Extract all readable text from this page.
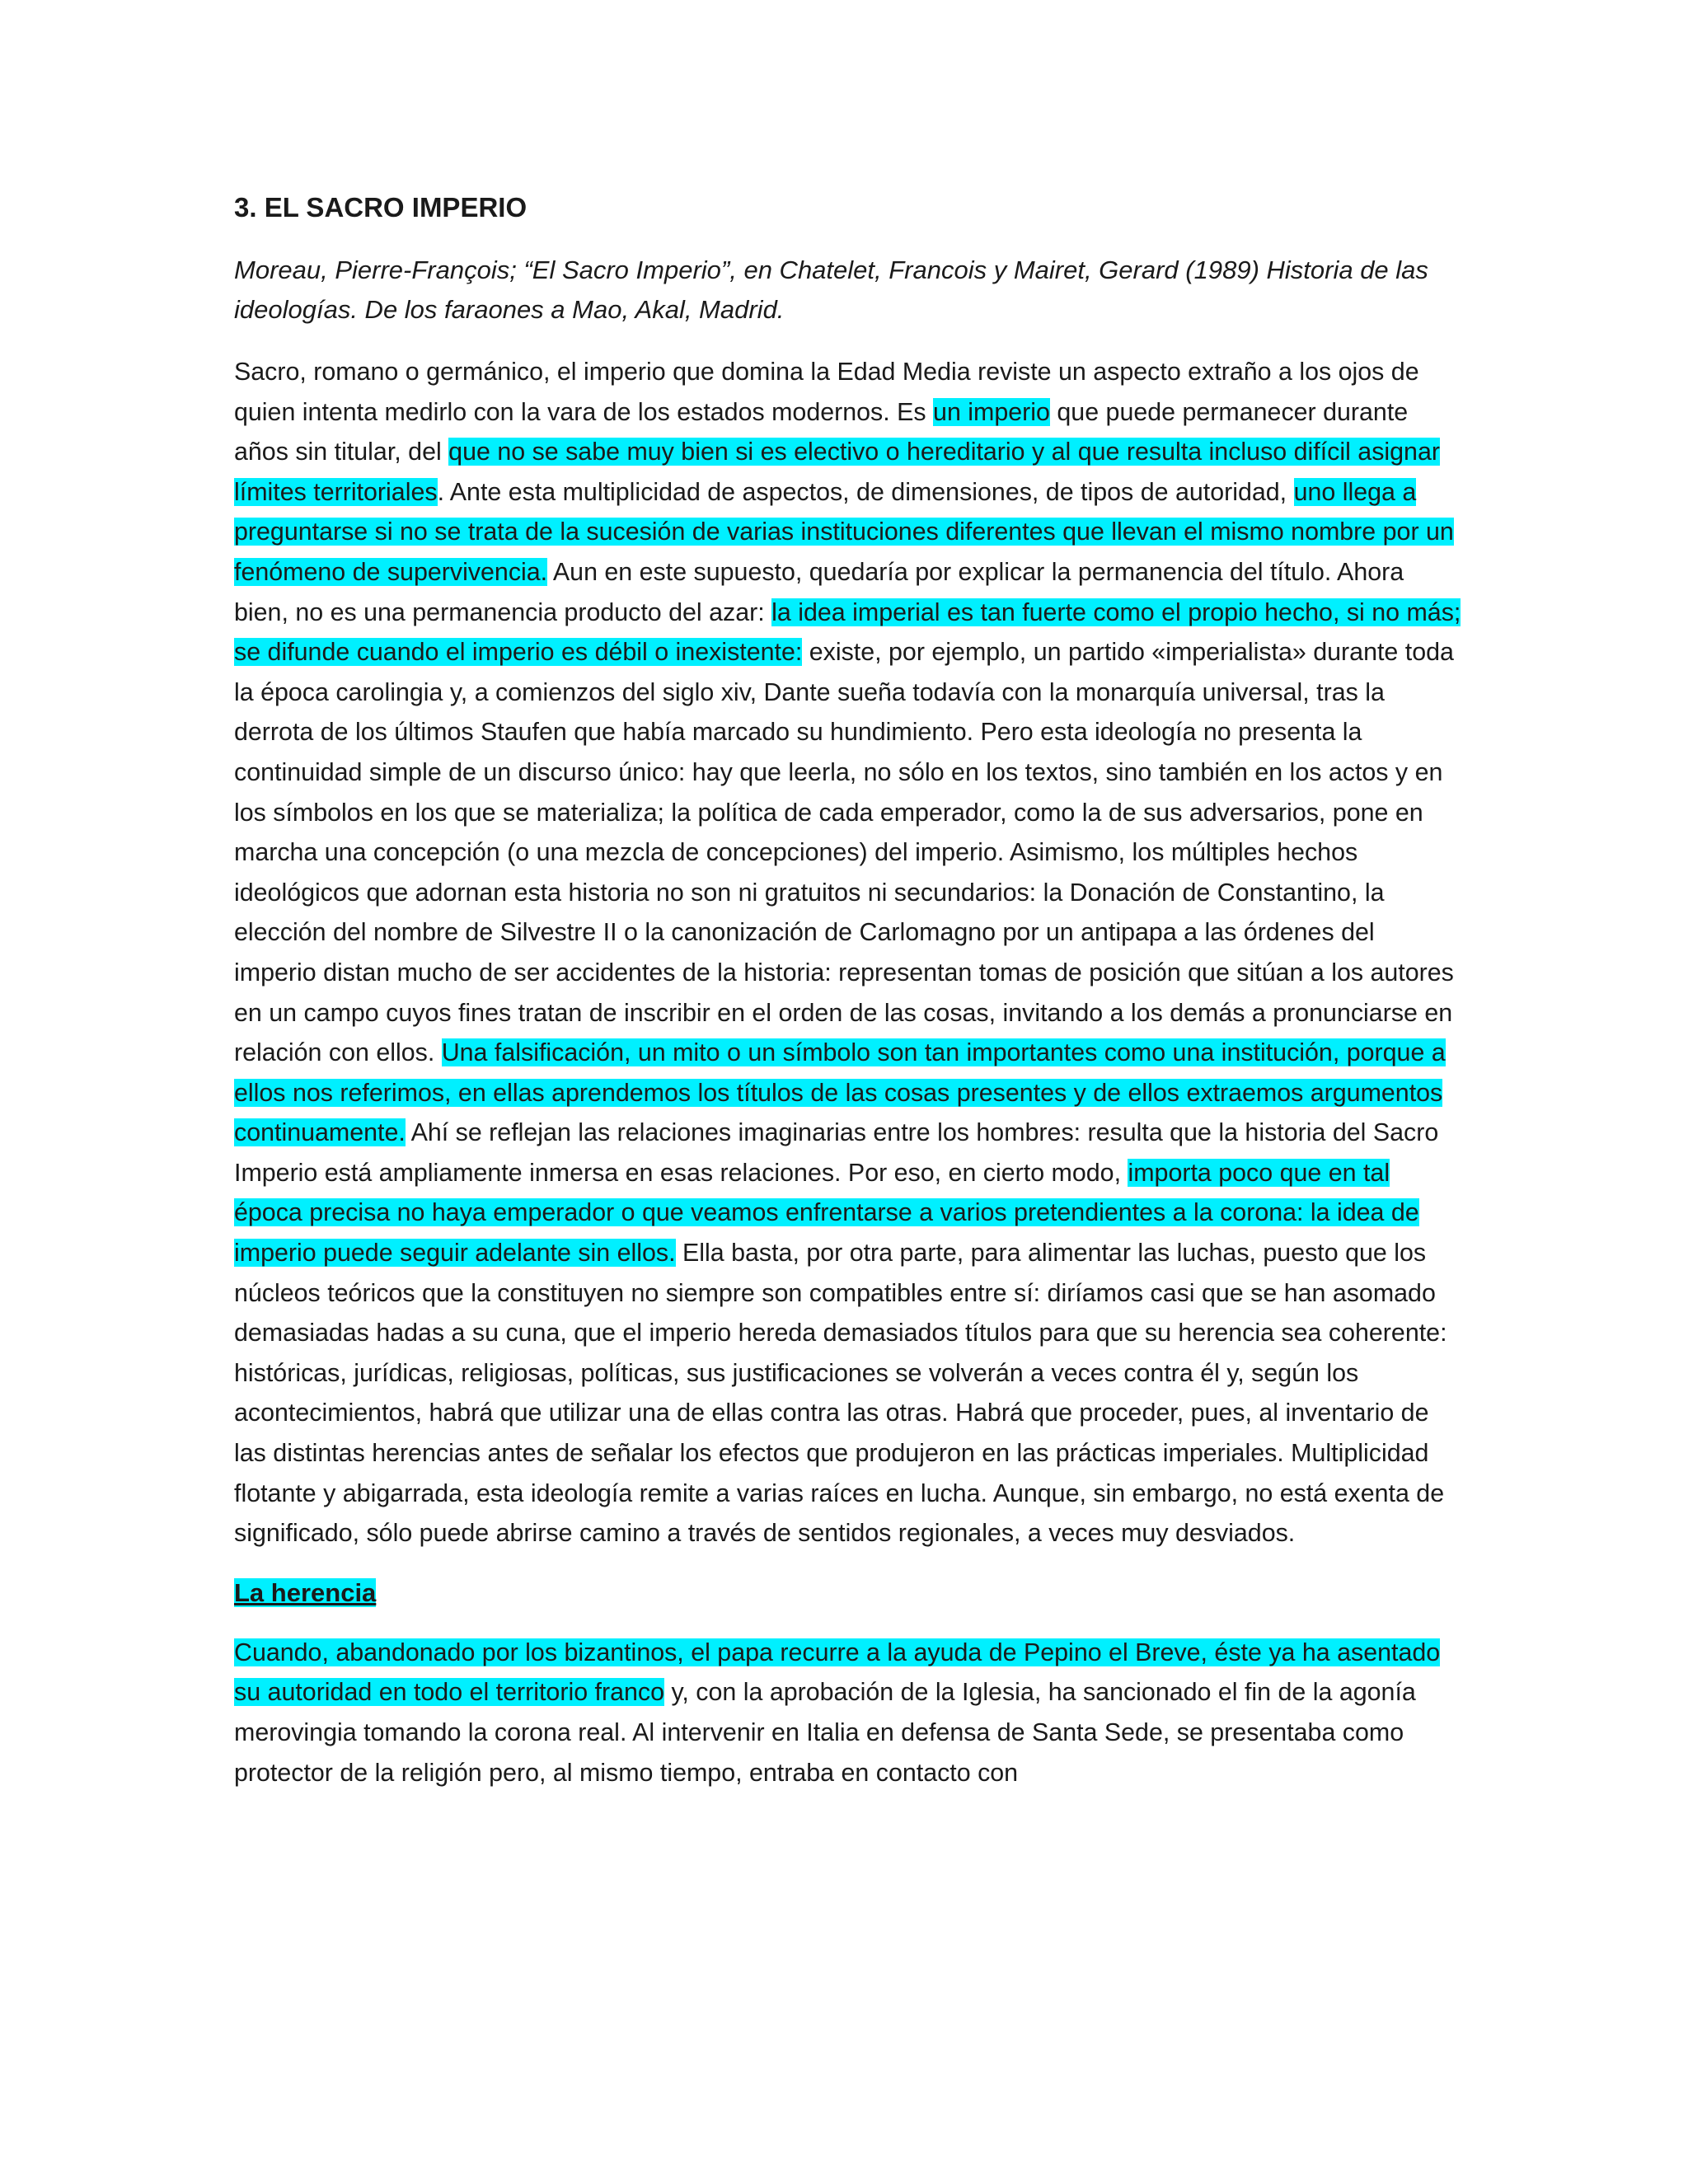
3. EL SACRO IMPERIO

Moreau, Pierre-François; “El Sacro Imperio”, en Chatelet, Francois y Mairet, Gerard (1989) Historia de las ideologías. De los faraones a Mao, Akal, Madrid.

Sacro, romano o germánico, el imperio que domina la Edad Media reviste un aspecto extraño a los ojos de quien intenta medirlo con la vara de los estados modernos. Es un imperio que puede permanecer durante años sin titular, del que no se sabe muy bien si es electivo o hereditario y al que resulta incluso difícil asignar límites territoriales. Ante esta multiplicidad de aspectos, de dimensiones, de tipos de autoridad, uno llega a preguntarse si no se trata de la sucesión de varias instituciones diferentes que llevan el mismo nombre por un fenómeno de supervivencia. Aun en este supuesto, quedaría por explicar la permanencia del título. Ahora bien, no es una permanencia producto del azar: la idea imperial es tan fuerte como el propio hecho, si no más; se difunde cuando el imperio es débil o inexistente: existe, por ejemplo, un partido «imperialista» durante toda la época carolingia y, a comienzos del siglo xiv, Dante sueña todavía con la monarquía universal, tras la derrota de los últimos Staufen que había marcado su hundimiento. Pero esta ideología no presenta la continuidad simple de un discurso único: hay que leerla, no sólo en los textos, sino también en los actos y en los símbolos en los que se materializa; la política de cada emperador, como la de sus adversarios, pone en marcha una concepción (o una mezcla de concepciones) del imperio. Asimismo, los múltiples hechos ideológicos que adornan esta historia no son ni gratuitos ni secundarios: la Donación de Constantino, la elección del nombre de Silvestre II o la canonización de Carlomagno por un antipapa a las órdenes del imperio distan mucho de ser accidentes de la historia: representan tomas de posición que sitúan a los autores en un campo cuyos fines tratan de inscribir en el orden de las cosas, invitando a los demás a pronunciarse en relación con ellos. Una falsificación, un mito o un símbolo son tan importantes como una institución, porque a ellos nos referimos, en ellas aprendemos los títulos de las cosas presentes y de ellos extraemos argumentos continuamente. Ahí se reflejan las relaciones imaginarias entre los hombres: resulta que la historia del Sacro Imperio está ampliamente inmersa en esas relaciones. Por eso, en cierto modo, importa poco que en tal época precisa no haya emperador o que veamos enfrentarse a varios pretendientes a la corona: la idea de imperio puede seguir adelante sin ellos. Ella basta, por otra parte, para alimentar las luchas, puesto que los núcleos teóricos que la constituyen no siempre son compatibles entre sí: diríamos casi que se han asomado demasiadas hadas a su cuna, que el imperio hereda demasiados títulos para que su herencia sea coherente: históricas, jurídicas, religiosas, políticas, sus justificaciones se volverán a veces contra él y, según los acontecimientos, habrá que utilizar una de ellas contra las otras. Habrá que proceder, pues, al inventario de las distintas herencias antes de señalar los efectos que produjeron en las prácticas imperiales. Multiplicidad flotante y abigarrada, esta ideología remite a varias raíces en lucha. Aunque, sin embargo, no está exenta de significado, sólo puede abrirse camino a través de sentidos regionales, a veces muy desviados.

La herencia

Cuando, abandonado por los bizantinos, el papa recurre a la ayuda de Pepino el Breve, éste ya ha asentado su autoridad en todo el territorio franco y, con la aprobación de la Iglesia, ha sancionado el fin de la agonía merovingia tomando la corona real. Al intervenir en Italia en defensa de Santa Sede, se presentaba como protector de la religión pero, al mismo tiempo, entraba en contacto con
